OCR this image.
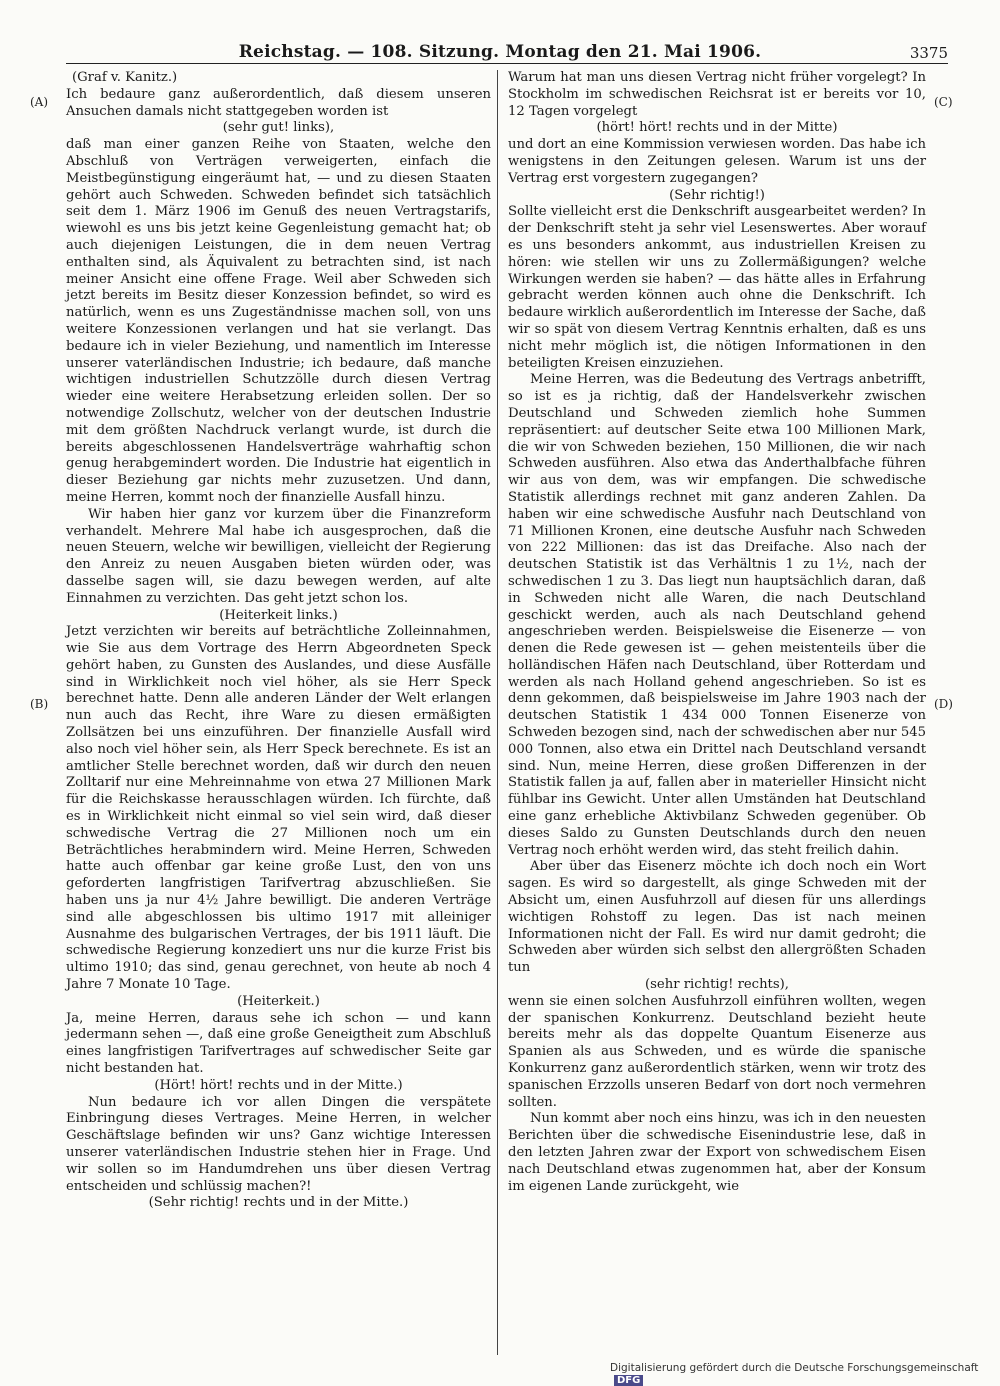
Reichstag. — 108. Sitzung. Montag den 21. Mai 1906.	3375
(A)
(B)
(C)
(D)

(Graf v. Kanitz.)

Ich bedaure ganz außerordentlich, daß diesem unseren Ansuchen damals nicht stattgegeben worden ist

(sehr gut! links),

daß man einer ganzen Reihe von Staaten, welche den Abschluß von Verträgen verweigerten, einfach die Meistbegünstigung eingeräumt hat, — und zu diesen Staaten gehört auch Schweden. Schweden befindet sich tatsächlich seit dem 1. März 1906 im Genuß des neuen Vertragstarifs, wiewohl es uns bis jetzt keine Gegenleistung gemacht hat; ob auch diejenigen Leistungen, die in dem neuen Vertrag enthalten sind, als Äquivalent zu betrachten sind, ist nach meiner Ansicht eine offene Frage. Weil aber Schweden sich jetzt bereits im Besitz dieser Konzession befindet, so wird es natürlich, wenn es uns Zugeständnisse machen soll, von uns weitere Konzessionen verlangen und hat sie verlangt. Das bedaure ich in vieler Beziehung, und namentlich im Interesse unserer vaterländischen Industrie; ich bedaure, daß manche wichtigen industriellen Schutzzölle durch diesen Vertrag wieder eine weitere Herabsetzung erleiden sollen. Der so notwendige Zollschutz, welcher von der deutschen Industrie mit dem größten Nachdruck verlangt wurde, ist durch die bereits abgeschlossenen Handelsverträge wahrhaftig schon genug herabgemindert worden. Die Industrie hat eigentlich in dieser Beziehung gar nichts mehr zuzusetzen. Und dann, meine Herren, kommt noch der finanzielle Ausfall hinzu.

Wir haben hier ganz vor kurzem über die Finanzreform verhandelt. Mehrere Mal habe ich ausgesprochen, daß die neuen Steuern, welche wir bewilligen, vielleicht der Regierung den Anreiz zu neuen Ausgaben bieten würden oder, was dasselbe sagen will, sie dazu bewegen werden, auf alte Einnahmen zu verzichten. Das geht jetzt schon los.

(Heiterkeit links.)

Jetzt verzichten wir bereits auf beträchtliche Zolleinnahmen, wie Sie aus dem Vortrage des Herrn Abgeordneten Speck gehört haben, zu Gunsten des Auslandes, und diese Ausfälle sind in Wirklichkeit noch viel höher, als sie Herr Speck berechnet hatte. Denn alle anderen Länder der Welt erlangen nun auch das Recht, ihre Ware zu diesen ermäßigten Zollsätzen bei uns einzuführen. Der finanzielle Ausfall wird also noch viel höher sein, als Herr Speck berechnete. Es ist an amtlicher Stelle berechnet worden, daß wir durch den neuen Zolltarif nur eine Mehreinnahme von etwa 27 Millionen Mark für die Reichskasse herausschlagen würden. Ich fürchte, daß es in Wirklichkeit nicht einmal so viel sein wird, daß dieser schwedische Vertrag die 27 Millionen noch um ein Beträchtliches herabmindern wird. Meine Herren, Schweden hatte auch offenbar gar keine große Lust, den von uns geforderten langfristigen Tarifvertrag abzuschließen. Sie haben uns ja nur 4½ Jahre bewilligt. Die anderen Verträge sind alle abgeschlossen bis ultimo 1917 mit alleiniger Ausnahme des bulgarischen Vertrages, der bis 1911 läuft. Die schwedische Regierung konzediert uns nur die kurze Frist bis ultimo 1910; das sind, genau gerechnet, von heute ab noch 4 Jahre 7 Monate 10 Tage.

(Heiterkeit.)

Ja, meine Herren, daraus sehe ich schon — und kann jedermann sehen —, daß eine große Geneigtheit zum Abschluß eines langfristigen Tarifvertrages auf schwedischer Seite gar nicht bestanden hat.

(Hört! hört! rechts und in der Mitte.)

Nun bedaure ich vor allen Dingen die verspätete Einbringung dieses Vertrages. Meine Herren, in welcher Geschäftslage befinden wir uns? Ganz wichtige Interessen unserer vaterländischen Industrie stehen hier in Frage. Und wir sollen so im Handumdrehen uns über diesen Vertrag entscheiden und schlüssig machen?!

(Sehr richtig! rechts und in der Mitte.)

Warum hat man uns diesen Vertrag nicht früher vorgelegt? In Stockholm im schwedischen Reichsrat ist er bereits vor 10, 12 Tagen vorgelegt

(hört! hört! rechts und in der Mitte)

und dort an eine Kommission verwiesen worden. Das habe ich wenigstens in den Zeitungen gelesen. Warum ist uns der Vertrag erst vorgestern zugegangen?

(Sehr richtig!)

Sollte vielleicht erst die Denkschrift ausgearbeitet werden? In der Denkschrift steht ja sehr viel Lesenswertes. Aber worauf es uns besonders ankommt, aus industriellen Kreisen zu hören: wie stellen wir uns zu Zollermäßigungen? welche Wirkungen werden sie haben? — das hätte alles in Erfahrung gebracht werden können auch ohne die Denkschrift. Ich bedaure wirklich außerordentlich im Interesse der Sache, daß wir so spät von diesem Vertrag Kenntnis erhalten, daß es uns nicht mehr möglich ist, die nötigen Informationen in den beteiligten Kreisen einzuziehen.

Meine Herren, was die Bedeutung des Vertrags anbetrifft, so ist es ja richtig, daß der Handelsverkehr zwischen Deutschland und Schweden ziemlich hohe Summen repräsentiert: auf deutscher Seite etwa 100 Millionen Mark, die wir von Schweden beziehen, 150 Millionen, die wir nach Schweden ausführen. Also etwa das Anderthalbfache führen wir aus von dem, was wir empfangen. Die schwedische Statistik allerdings rechnet mit ganz anderen Zahlen. Da haben wir eine schwedische Ausfuhr nach Deutschland von 71 Millionen Kronen, eine deutsche Ausfuhr nach Schweden von 222 Millionen: das ist das Dreifache. Also nach der deutschen Statistik ist das Verhältnis 1 zu 1½, nach der schwedischen 1 zu 3. Das liegt nun hauptsächlich daran, daß in Schweden nicht alle Waren, die nach Deutschland geschickt werden, auch als nach Deutschland gehend angeschrieben werden. Beispielsweise die Eisenerze — von denen die Rede gewesen ist — gehen meistenteils über die holländischen Häfen nach Deutschland, über Rotterdam und werden als nach Holland gehend angeschrieben. So ist es denn gekommen, daß beispielsweise im Jahre 1903 nach der deutschen Statistik 1 434 000 Tonnen Eisenerze von Schweden bezogen sind, nach der schwedischen aber nur 545 000 Tonnen, also etwa ein Drittel nach Deutschland versandt sind. Nun, meine Herren, diese großen Differenzen in der Statistik fallen ja auf, fallen aber in materieller Hinsicht nicht fühlbar ins Gewicht. Unter allen Umständen hat Deutschland eine ganz erhebliche Aktivbilanz Schweden gegenüber. Ob dieses Saldo zu Gunsten Deutschlands durch den neuen Vertrag noch erhöht werden wird, das steht freilich dahin.

Aber über das Eisenerz möchte ich doch noch ein Wort sagen. Es wird so dargestellt, als ginge Schweden mit der Absicht um, einen Ausfuhrzoll auf diesen für uns allerdings wichtigen Rohstoff zu legen. Das ist nach meinen Informationen nicht der Fall. Es wird nur damit gedroht; die Schweden aber würden sich selbst den allergrößten Schaden tun

(sehr richtig! rechts),

wenn sie einen solchen Ausfuhrzoll einführen wollten, wegen der spanischen Konkurrenz. Deutschland bezieht heute bereits mehr als das doppelte Quantum Eisenerze aus Spanien als aus Schweden, und es würde die spanische Konkurrenz ganz außerordentlich stärken, wenn wir trotz des spanischen Erzzolls unseren Bedarf von dort noch vermehren sollten.

Nun kommt aber noch eins hinzu, was ich in den neuesten Berichten über die schwedische Eisenindustrie lese, daß in den letzten Jahren zwar der Export von schwedischem Eisen nach Deutschland etwas zugenommen hat, aber der Konsum im eigenen Lande zurückgeht, wie

Digitalisierung gefördert durch die Deutsche Forschungsgemeinschaft DFG
